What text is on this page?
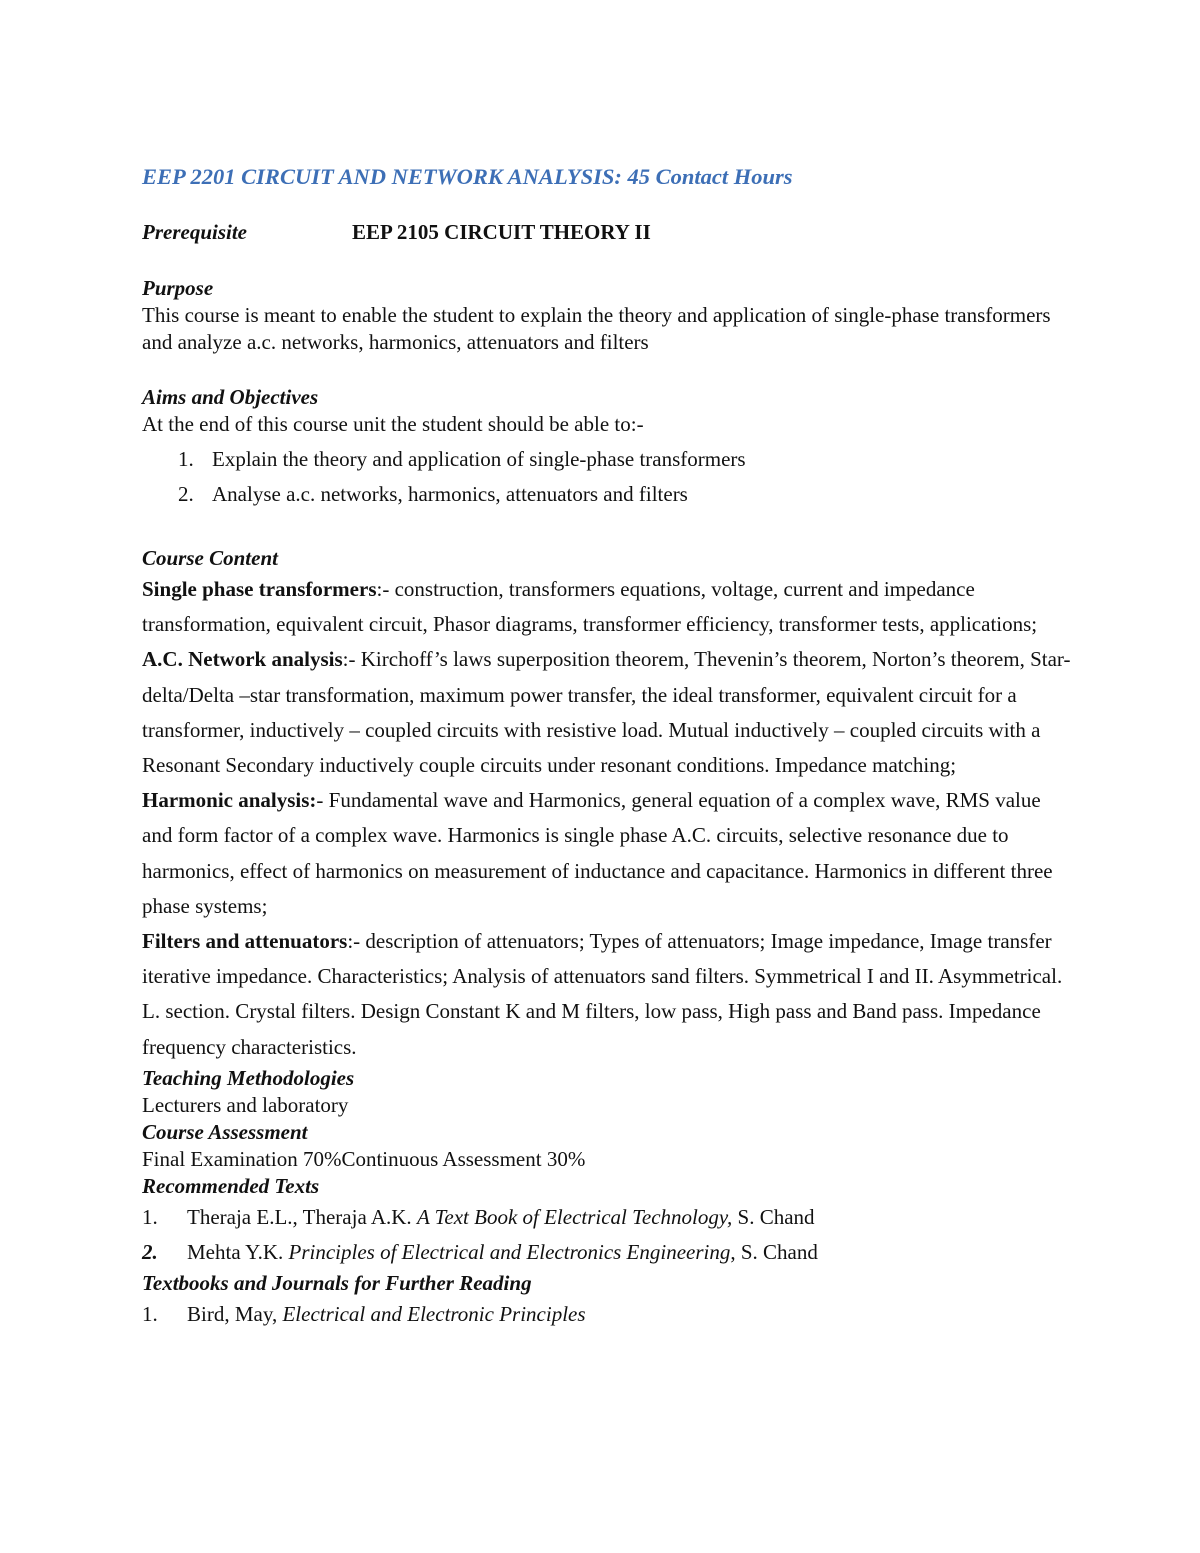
EEP 2201 CIRCUIT AND NETWORK ANALYSIS: 45 Contact Hours
Prerequisite	EEP 2105 CIRCUIT THEORY II
Purpose
This course is meant to enable the student to explain the theory and application of single-phase transformers and analyze a.c. networks, harmonics, attenuators and filters
Aims and Objectives
At the end of this course unit the student should be able to:-
1. Explain the theory and application of single-phase transformers
2. Analyse a.c. networks, harmonics, attenuators and filters
Course Content
Single phase transformers:- construction, transformers equations, voltage, current and impedance transformation, equivalent circuit, Phasor diagrams, transformer efficiency, transformer tests, applications;
A.C. Network analysis:- Kirchoff’s laws superposition theorem, Thevenin’s theorem, Norton’s theorem, Star-delta/Delta –star transformation, maximum power transfer, the ideal transformer, equivalent circuit for a transformer, inductively – coupled circuits with resistive load. Mutual inductively – coupled circuits with a Resonant Secondary inductively couple circuits under resonant conditions. Impedance matching;
Harmonic analysis:- Fundamental wave and Harmonics, general equation of a complex wave, RMS value and form factor of a complex wave. Harmonics is single phase A.C. circuits, selective resonance due to harmonics, effect of harmonics on measurement of inductance and capacitance. Harmonics in different three phase systems;
Filters and attenuators:- description of attenuators; Types of attenuators; Image impedance, Image transfer iterative impedance. Characteristics; Analysis of attenuators sand filters. Symmetrical I and II. Asymmetrical. L. section. Crystal filters. Design Constant K and M filters, low pass, High pass and Band pass. Impedance frequency characteristics.
Teaching Methodologies
Lecturers and laboratory
Course Assessment
Final Examination 70%Continuous Assessment 30%
Recommended Texts
1.	Theraja E.L., Theraja A.K. A Text Book of Electrical Technology, S. Chand
2.	Mehta Y.K. Principles of Electrical and Electronics Engineering, S. Chand
Textbooks and Journals for Further Reading
1.	Bird, May, Electrical and Electronic Principles
